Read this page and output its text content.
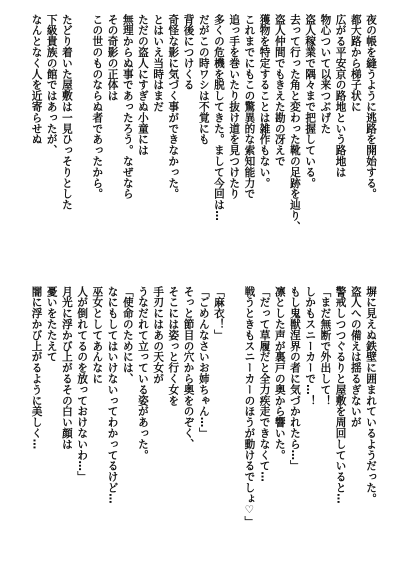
夜の帳を縫うように逃路を開始する。
都大路から梯子状に
広がる平安京の路地という路地は
物心ついて以来つぶげた
盗人稼業で隅々まで把握している。
去って行った角と変わった靴の足跡を辿り、
盗人仲間でもきえた勘の冴えで
獲物を特定することは雑作もない。
これまでにもこの驚異的な索知能力で
追っ手を巻いたり抜け道を見つけたり
多くの危機を脱してきた。まして今回は…
だがこの時ワシは不覚にも
背後につけくる
奇怪な影に気づく事ができなかった。
とはいえ当時はまだ
ただの盗人にすぎぬ小童には
無理からぬ事であったろう。なぜなら
その奇影の正体は
この世のものならぬ者であったから。

たどり着いた屋敷は一見ひっそりとした
下級貴族の館ではあったが、
なんとなく人を近寄らせぬ
塀に見えぬ鉄壁に囲まれているようだった。
盗人への備えは揺るぎないが
警戒しつつぐるりと屋敷を周回していると…
「まだ無断で外出して！
しかもスニーカーで…！
もし鬼獣涅界の者に気づかれたら…」
凛とした声が裏戸の奥から響いた。
「だって草履だと全力疾走できなくて…
戦うときもスニーカーのほうが動けるでしょ♡」

「麻衣！」
「ごめんなさいお姉ちゃん…」
そっと節目の穴から奥をのぞく、
そこには姿っと行く女を
手刃にはあの天女が
うなだれて立っている姿があった。
「使命のためには、
なにもしてはいけないってわかってるけど…
巫女としてあんなに
人が倒れてるのを放っておけないわ…」
月光に浮かび上がるその白い顔は
憂いをたたえて
闇に浮かび上がるように美しく…
